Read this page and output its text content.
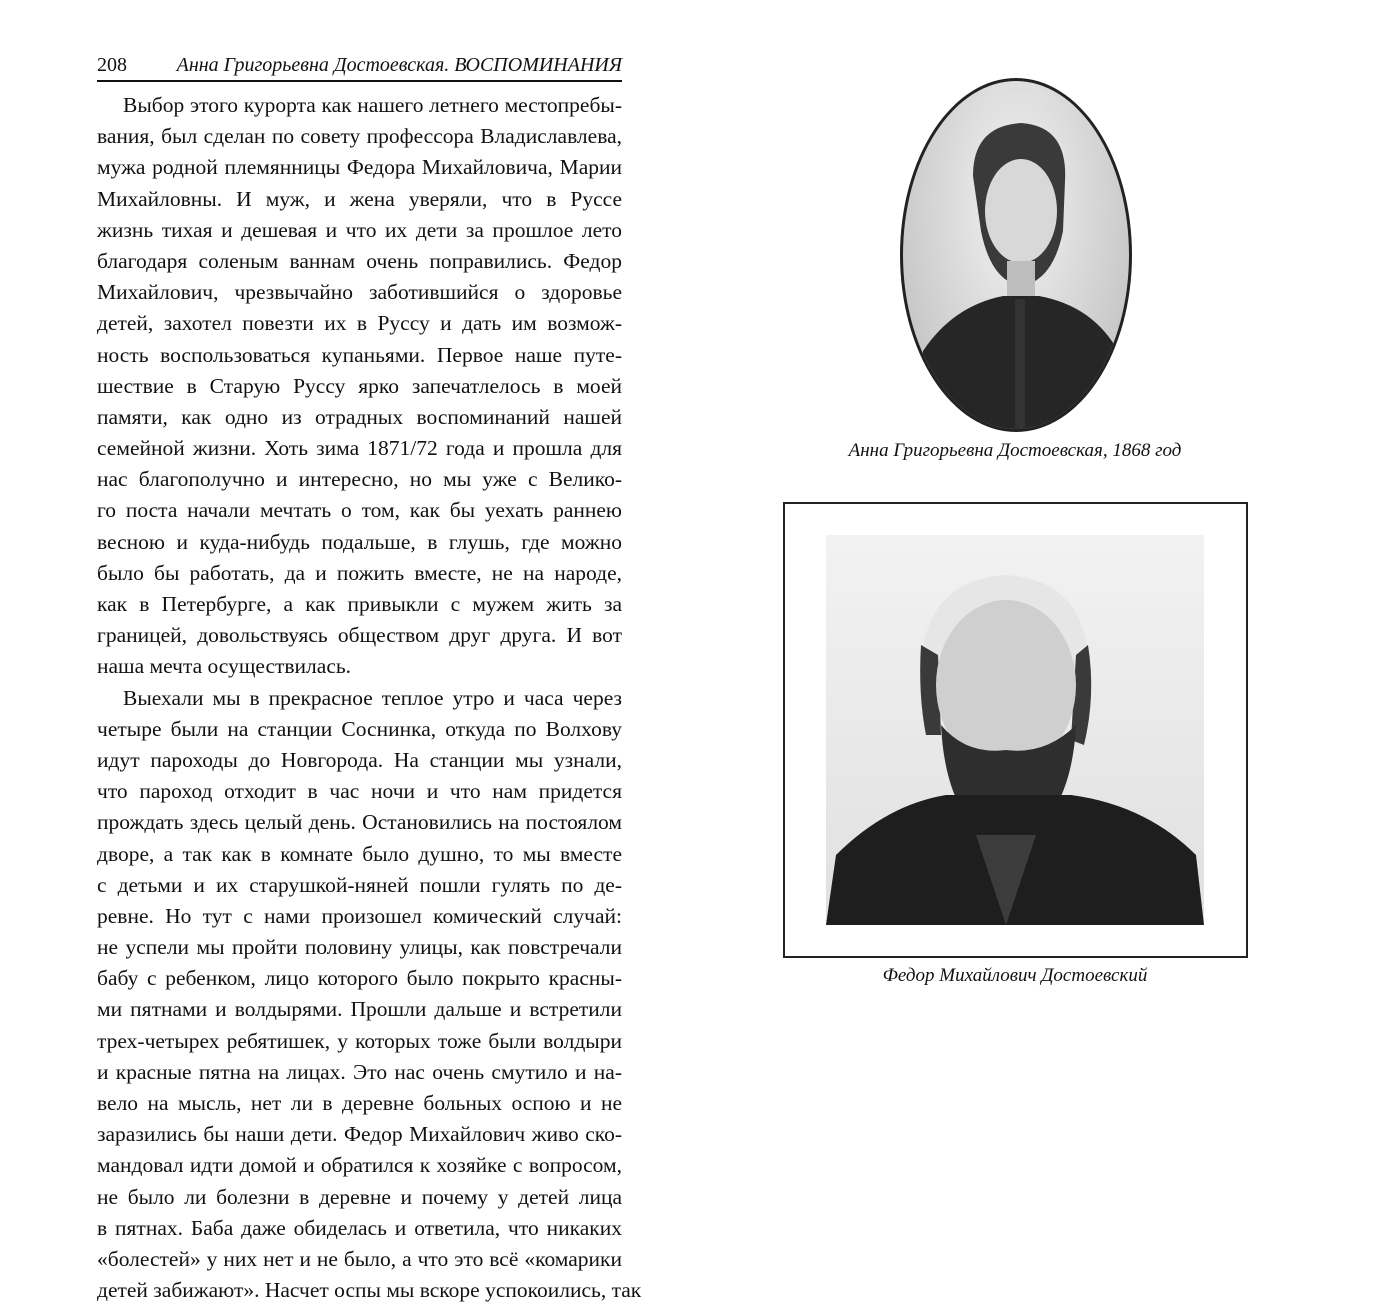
208 Анна Григорьевна Достоевская. ВОСПОМИНАНИЯ
Выбор этого курорта как нашего летнего местопребы-
вания, был сделан по совету профессора Владиславлева,
мужа родной племянницы Федора Михайловича, Марии
Михайловны. И муж, и жена уверяли, что в Руссе
жизнь тихая и дешевая и что их дети за прошлое лето
благодаря соленым ваннам очень поправились. Федор
Михайлович, чрезвычайно заботившийся о здоровье
детей, захотел повезти их в Руссу и дать им возмож-
ность воспользоваться купаньями. Первое наше путе-
шествие в Старую Руссу ярко запечатлелось в моей
памяти, как одно из отрадных воспоминаний нашей
семейной жизни. Хоть зима 1871/72 года и прошла для
нас благополучно и интересно, но мы уже с Велико-
го поста начали мечтать о том, как бы уехать раннею
весною и куда-нибудь подальше, в глушь, где можно
было бы работать, да и пожить вместе, не на народе,
как в Петербурге, а как привыкли с мужем жить за
границей, довольствуясь обществом друг друга. И вот
наша мечта осуществилась.
Выехали мы в прекрасное теплое утро и часа через
четыре были на станции Соснинка, откуда по Волхову
идут пароходы до Новгорода. На станции мы узнали,
что пароход отходит в час ночи и что нам придется
прождать здесь целый день. Остановились на постоялом
дворе, а так как в комнате было душно, то мы вместе
с детьми и их старушкой-няней пошли гулять по де-
ревне. Но тут с нами произошел комический случай:
не успели мы пройти половину улицы, как повстречали
бабу с ребенком, лицо которого было покрыто красны-
ми пятнами и волдырями. Прошли дальше и встретили
трех-четырех ребятишек, у которых тоже были волдыри
и красные пятна на лицах. Это нас очень смутило и на-
вело на мысль, нет ли в деревне больных оспою и не
заразились бы наши дети. Федор Михайлович живо ско-
мандовал идти домой и обратился к хозяйке с вопросом,
не было ли болезни в деревне и почему у детей лица
в пятнах. Баба даже обиделась и ответила, что никаких
«болестей» у них нет и не было, а что это всё «комарики
детей забижают». Насчет оспы мы вскоре успокоились, так
Анна Григорьевна Достоевская, 1868 год
Федор Михайлович Достоевский
